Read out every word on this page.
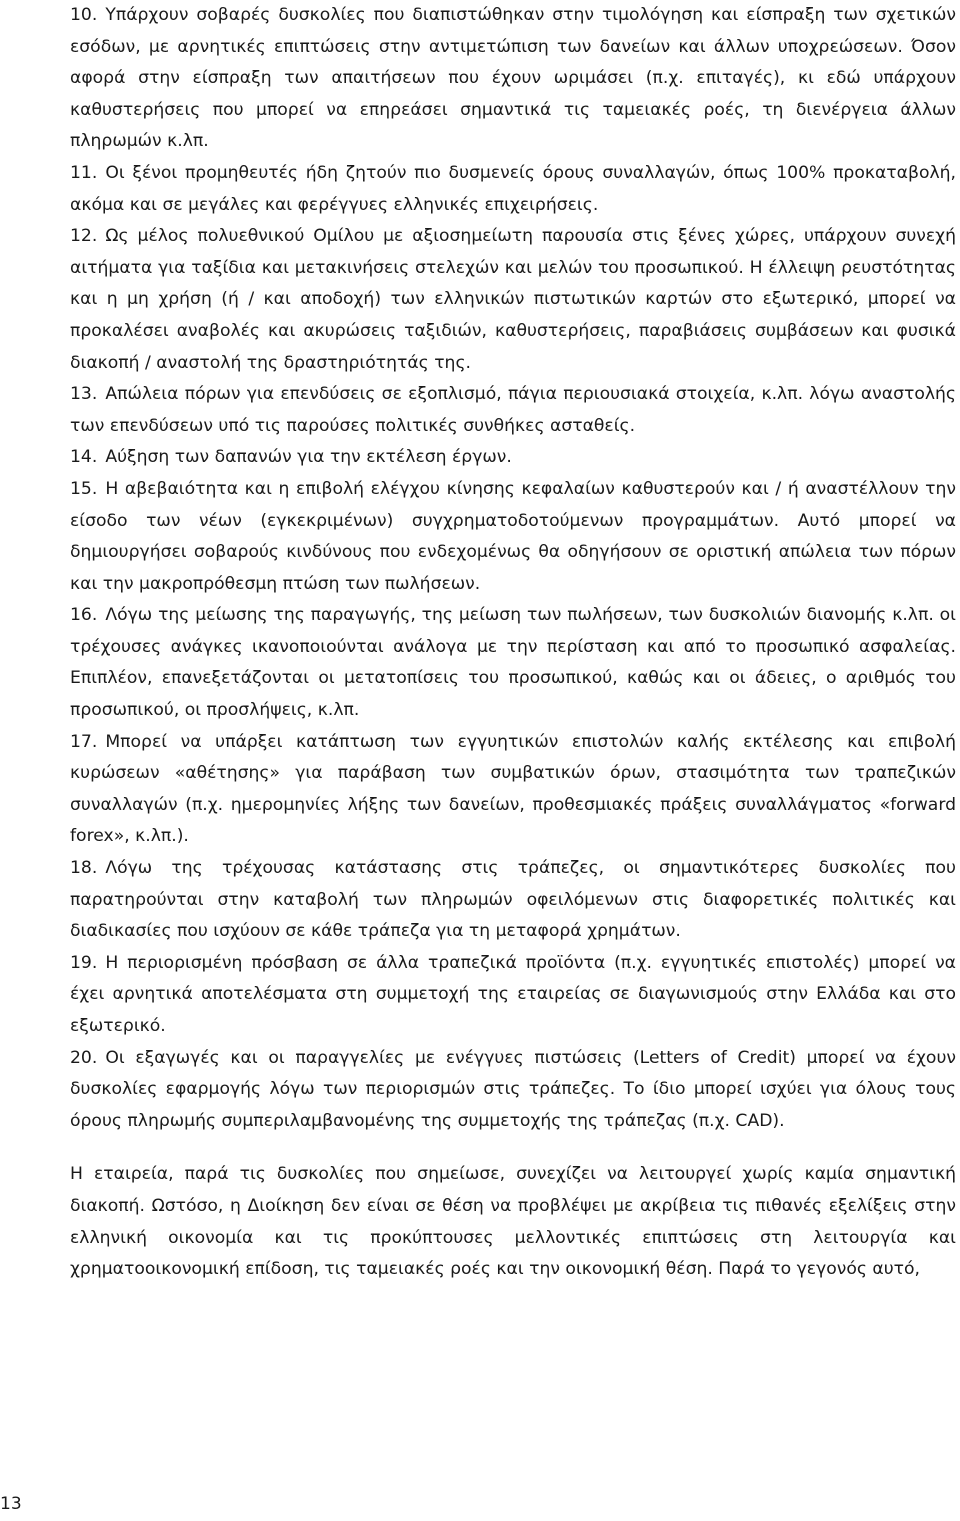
10. Υπάρχουν σοβαρές δυσκολίες που διαπιστώθηκαν στην τιμολόγηση και είσπραξη των σχετικών εσόδων, με αρνητικές επιπτώσεις στην αντιμετώπιση των δανείων και άλλων υποχρεώσεων. Όσον αφορά στην είσπραξη των απαιτήσεων που έχουν ωριμάσει (π.χ. επιταγές), κι εδώ υπάρχουν καθυστερήσεις που μπορεί να επηρεάσει σημαντικά τις ταμειακές ροές, τη διενέργεια άλλων πληρωμών κ.λπ.

11. Οι ξένοι προμηθευτές ήδη ζητούν πιο δυσμενείς όρους συναλλαγών, όπως 100% προκαταβολή, ακόμα και σε μεγάλες και φερέγγυες ελληνικές επιχειρήσεις.

12. Ως μέλος πολυεθνικού Ομίλου με αξιοσημείωτη παρουσία στις ξένες χώρες, υπάρχουν συνεχή αιτήματα για ταξίδια και μετακινήσεις στελεχών και μελών του προσωπικού. Η έλλειψη ρευστότητας και η μη χρήση (ή / και αποδοχή) των ελληνικών πιστωτικών καρτών στο εξωτερικό, μπορεί να προκαλέσει αναβολές και ακυρώσεις ταξιδιών, καθυστερήσεις, παραβιάσεις συμβάσεων και φυσικά διακοπή / αναστολή της δραστηριότητάς της.

13. Απώλεια πόρων για επενδύσεις σε εξοπλισμό, πάγια περιουσιακά στοιχεία, κ.λπ. λόγω αναστολής των επενδύσεων υπό τις παρούσες πολιτικές συνθήκες ασταθείς.

14. Αύξηση των δαπανών για την εκτέλεση έργων.

15. Η αβεβαιότητα και η επιβολή ελέγχου κίνησης κεφαλαίων καθυστερούν και / ή αναστέλλουν την είσοδο των νέων (εγκεκριμένων) συγχρηματοδοτούμενων προγραμμάτων. Αυτό μπορεί να δημιουργήσει σοβαρούς κινδύνους που ενδεχομένως θα οδηγήσουν σε οριστική απώλεια των πόρων και την μακροπρόθεσμη πτώση των πωλήσεων.

16. Λόγω της μείωσης της παραγωγής, της μείωση των πωλήσεων, των δυσκολιών διανομής κ.λπ. οι τρέχουσες ανάγκες ικανοποιούνται ανάλογα με την περίσταση και από το προσωπικό ασφαλείας. Επιπλέον, επανεξετάζονται οι μετατοπίσεις του προσωπικού, καθώς και οι άδειες, ο αριθμός του προσωπικού, οι προσλήψεις, κ.λπ.

17. Μπορεί να υπάρξει κατάπτωση των εγγυητικών επιστολών καλής εκτέλεσης και επιβολή κυρώσεων «αθέτησης» για παράβαση των συμβατικών όρων, στασιμότητα των τραπεζικών συναλλαγών (π.χ. ημερομηνίες λήξης των δανείων, προθεσμιακές πράξεις συναλλάγματος «forward forex», κ.λπ.).

18. Λόγω της τρέχουσας κατάστασης στις τράπεζες, οι σημαντικότερες δυσκολίες που παρατηρούνται στην καταβολή των πληρωμών οφειλόμενων στις διαφορετικές πολιτικές και διαδικασίες που ισχύουν σε κάθε τράπεζα για τη μεταφορά χρημάτων.

19. Η περιορισμένη πρόσβαση σε άλλα τραπεζικά προϊόντα (π.χ. εγγυητικές επιστολές) μπορεί να έχει αρνητικά αποτελέσματα στη συμμετοχή της εταιρείας σε διαγωνισμούς στην Ελλάδα και στο εξωτερικό.

20. Οι εξαγωγές και οι παραγγελίες με ενέγγυες πιστώσεις (Letters of Credit) μπορεί να έχουν δυσκολίες εφαρμογής λόγω των περιορισμών στις τράπεζες. Το ίδιο μπορεί ισχύει για όλους τους όρους πληρωμής συμπεριλαμβανομένης της συμμετοχής της τράπεζας (π.χ. CAD).

Η εταιρεία, παρά τις δυσκολίες που σημείωσε, συνεχίζει να λειτουργεί χωρίς καμία σημαντική διακοπή. Ωστόσο, η Διοίκηση δεν είναι σε θέση να προβλέψει με ακρίβεια τις πιθανές εξελίξεις στην ελληνική οικονομία και τις προκύπτουσες μελλοντικές επιπτώσεις στη λειτουργία και χρηματοοικονομική επίδοση, τις ταμειακές ροές και την οικονομική θέση. Παρά το γεγονός αυτό,

13
